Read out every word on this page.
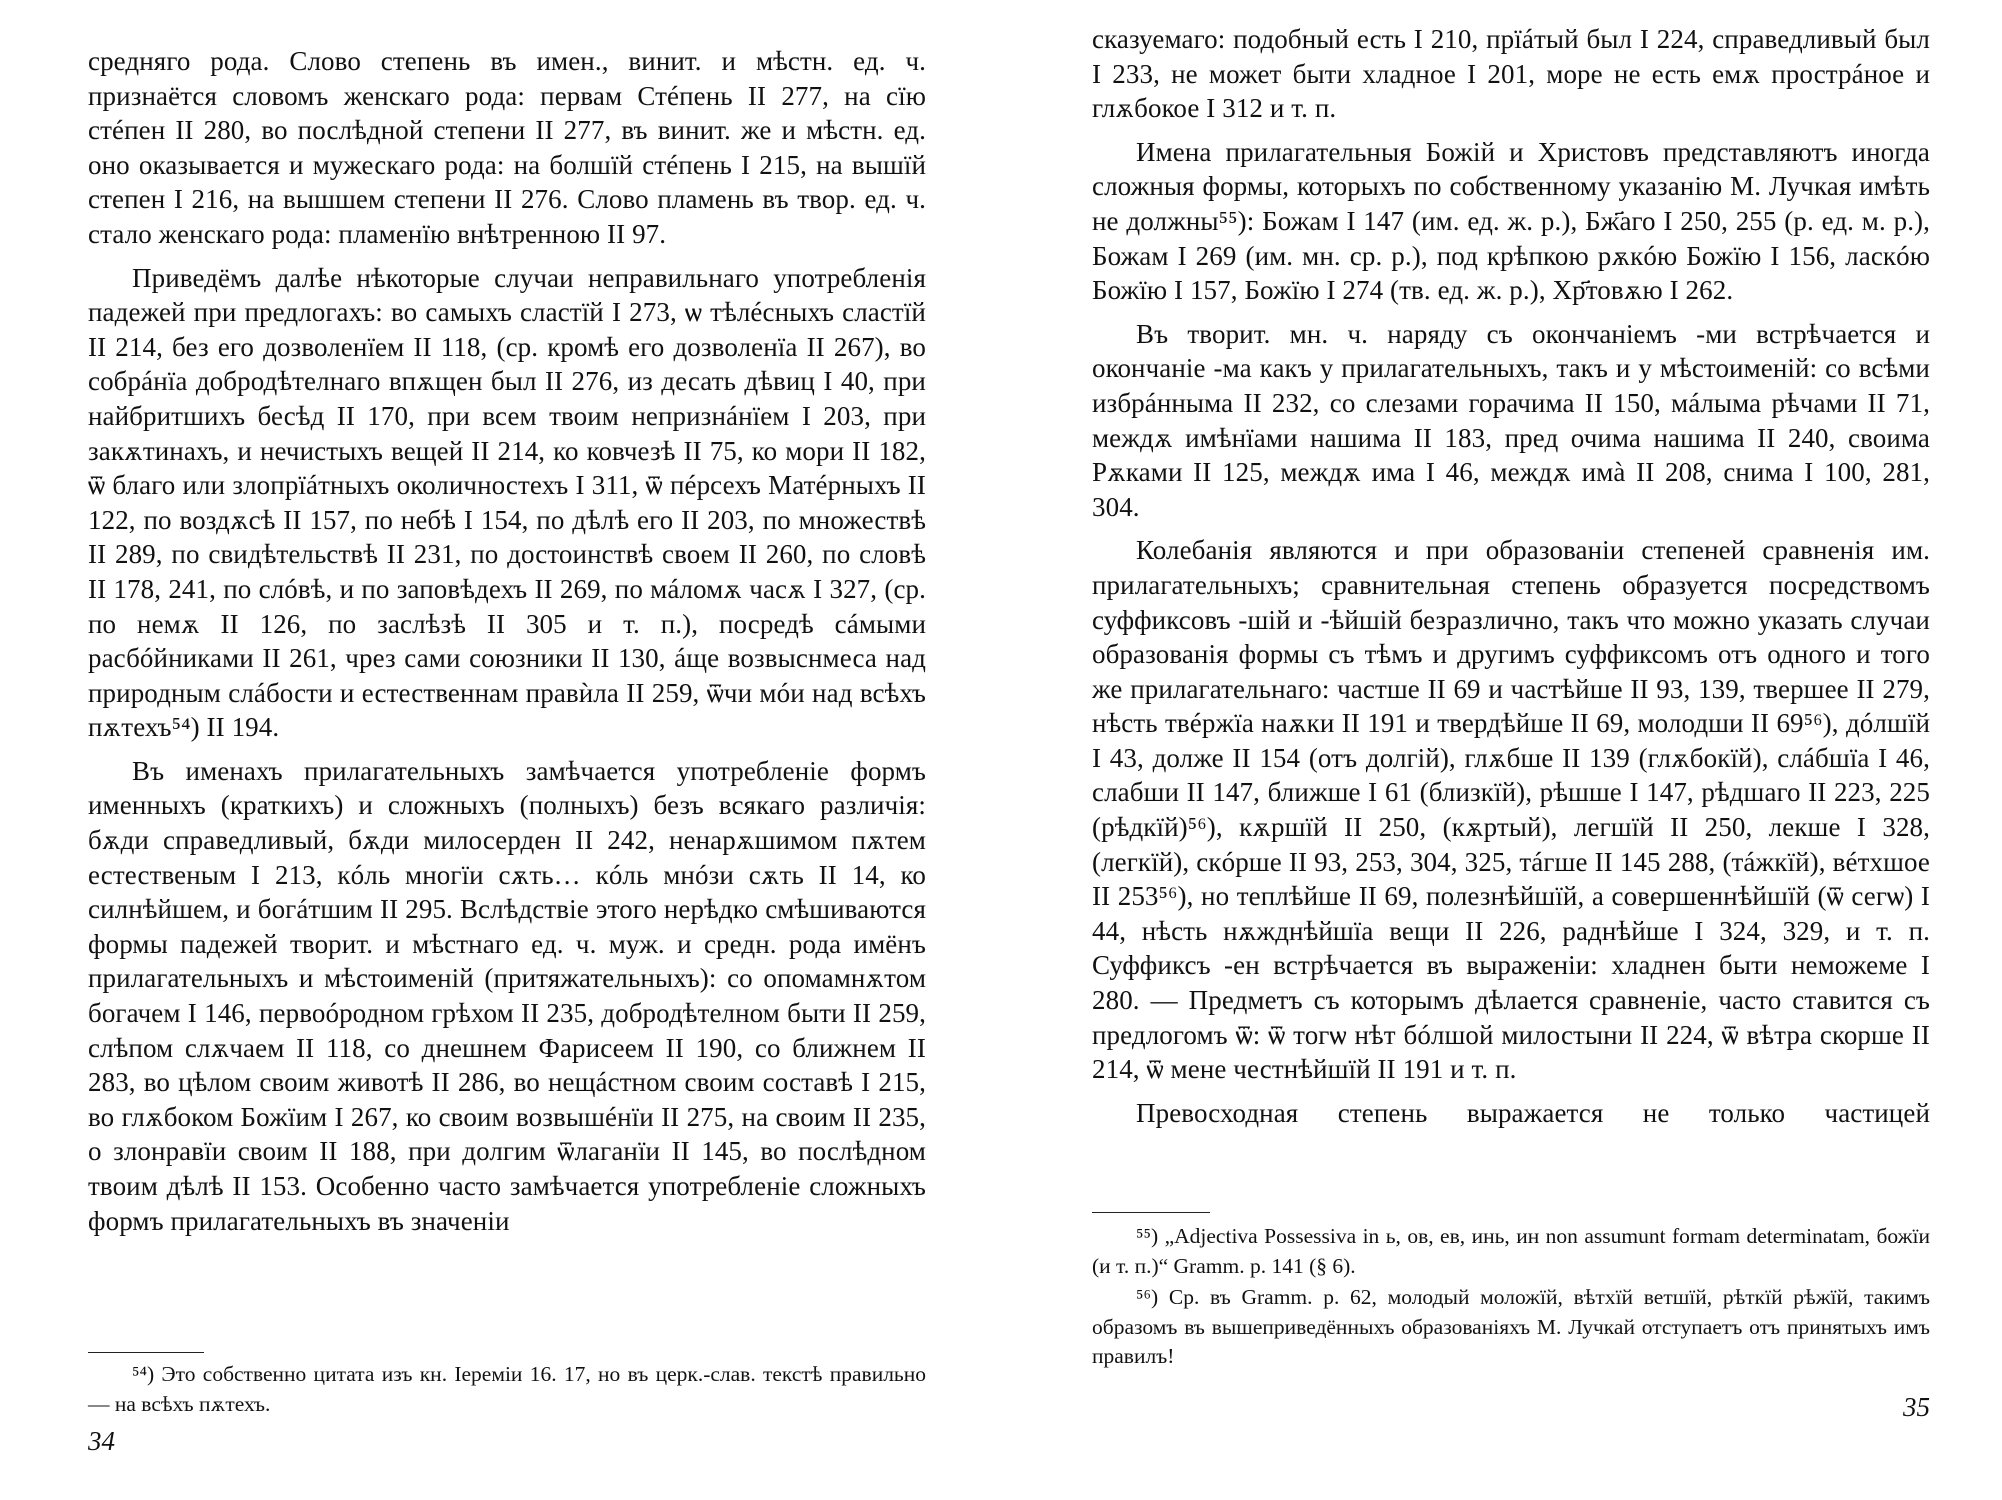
средняго рода. Слово степень въ имен., винит. и мѣстн. ед. ч. признаётся словомъ женскаго рода: первам Стéпень II 277, на сїю стéпен II 280, во послѣдной степени II 277, въ винит. же и мѣстн. ед. оно оказывается и мужескаго рода: на болшїй стéпень I 215, на вышїй степен I 216, на вышшем степени II 276. Слово пламень въ твор. ед. ч. стало женскаго рода: пламенїю внѣтренною II 97.

Приведёмъ далѣе нѣкоторые случаи неправильнаго употребленія падежей при предлогахъ: во самыхъ сластїй I 273, ѡ тѣлéсныхъ сластїй II 214, без его дозволенїем II 118, (ср. кромѣ его дозволенїа II 267), во собрáнїа добродѣтелнаго впѫщен был II 276, из десать дѣвиц I 40, при найбритшихъ бесѣд II 170, при всем твоим непризнáнїем I 203, при закѫтинахъ, и нечистыхъ вещей II 214, ко ковчезѣ II 75, ко мори II 182, ѿ благо или злопрїáтныхъ околичностехъ I 311, ѿ пéрсехъ Матéрныхъ II 122, по воздѫсѣ II 157, по небѣ I 154, по дѣлѣ его II 203, по множествѣ II 289, по свидѣтельствѣ II 231, по достоинствѣ своем II 260, по словѣ II 178, 241, по слóвѣ, и по заповѣдехъ II 269, по мáломѫ часѫ I 327, (ср. по немѫ II 126, по заслѣзѣ II 305 и т. п.), посредѣ сáмыми расбóйниками II 261, чрез сами союзники II 130, áще возвыснмеса над природным слáбости и естественнам правѝла II 259, ѿчи мóи над всѣхъ пѫтехъ⁵⁴) II 194.

Въ именахъ прилагательныхъ замѣчается употребленіе формъ именныхъ (краткихъ) и сложныхъ (полныхъ) безъ всякаго различія: бѫди справедливый, бѫди милосерден II 242, ненарѫшимом пѫтем естественым I 213, кóль многїи сѫть… кóль мнóзи сѫть II 14, ко силнѣйшем, и богáтшим II 295. Вслѣдствіе этого нерѣдко смѣшиваются формы падежей творит. и мѣстнаго ед. ч. муж. и средн. рода имёнъ прилагательныхъ и мѣстоименій (притяжательныхъ): со опомамнѫтом богачем I 146, первоóродном грѣхом II 235, добродѣтелном быти II 259, слѣпом слѫчаем II 118, со днешнем Фарисеем II 190, со ближнем II 283, во цѣлом своим животѣ II 286, во нещáстном своим составѣ I 215, во глѫбоком Божїим I 267, ко своим возвышéнїи II 275, на своим II 235, о злонравїи своим II 188, при долгим ѿлаганїи II 145, во послѣдном твоим дѣлѣ II 153. Особенно часто замѣчается употребленіе сложныхъ формъ прилагательныхъ въ значеніи

⁵⁴) Это собственно цитата изъ кн. Іереміи 16. 17, но въ церк.-слав. текстѣ правильно — на всѣхъ пѫтехъ.

34

сказуемаго: подобный есть I 210, прїáтый был I 224, справедливый был I 233, не может быти хладное I 201, море не есть емѫ прострáное и глѫбокое I 312 и т. п.

Имена прилагательныя Божій и Христовъ представляютъ иногда сложныя формы, которыхъ по собственному указанію М. Лучкая имѣть не должны⁵⁵): Божам I 147 (им. ед. ж. р.), Бж҃аго I 250, 255 (р. ед. м. р.), Божам I 269 (им. мн. ср. р.), под крѣпкою рѫкóю Божїю I 156, ласкóю Божїю I 157, Божїю I 274 (тв. ед. ж. р.), Хр҃товѫю I 262.

Въ творит. мн. ч. наряду съ окончанiемъ -ми встрѣчается и окончаніе -ма какъ у прилагательныхъ, такъ и у мѣстоименій: со всѣми избрáнныма II 232, со слезами горачима II 150, мáлыма рѣчами II 71, междѫ имѣнїами нашима II 183, пред очима нашима II 240, своима Рѫками II 125, междѫ има I 46, междѫ имà II 208, снима I 100, 281, 304.

Колебанія являются и при образованіи степеней сравненія им. прилагательныхъ; сравнительная степень образуется посредствомъ суффиксовъ -шій и -ѣйшій безразлично, такъ что можно указать случаи образованія формы съ тѣмъ и другимъ суффиксомъ отъ одного и того же прилагательнаго: частше II 69 и частѣйше II 93, 139, твершее II 279, нѣсть твéржїа наѫки II 191 и твердѣйше II 69, молодши II 69⁵⁶), дóлшїй I 43, долже II 154 (отъ долгій), глѫбше II 139 (глѫбокїй), слáбшїа I 46, слабши II 147, ближше I 61 (близкїй), рѣшше I 147, рѣдшаго II 223, 225 (рѣдкїй)⁵⁶), кѫршїй II 250, (кѫртый), легшїй II 250, лекше I 328, (легкїй), скóрше II 93, 253, 304, 325, тáгше II 145 288, (тáжкїй), вéтхшое II 253⁵⁶), но теплѣйше II 69, полезнѣйшїй, а совершеннѣйшїй (ѿ сегѡ) I 44, нѣсть нѫжднѣйшїа вещи II 226, раднѣйше I 324, 329, и т. п. Суффиксъ -ен встрѣчается въ выраженіи: хладнен быти неможеме I 280. — Предметъ съ которымъ дѣлается сравненіе, часто ставится съ предлогомъ ѿ: ѿ тогѡ нѣт бóлшой милостыни II 224, ѿ вѣтра скорше II 214, ѿ мене честнѣйшїй II 191 и т. п.

Превосходная степень выражается не только частицей

⁵⁵) „Adjectiva Possessiva in ь, ов, ев, инь, ин non assumunt formam determinatam, божїи (и т. п.)“ Gramm. p. 141 (§ 6).

⁵⁶) Ср. въ Gramm. p. 62, молодый моложїй, вѣтхїй ветшїй, рѣткїй рѣжїй, такимъ образомъ въ вышеприведённыхъ образованіяхъ М. Лучкай отступаетъ отъ принятыхъ имъ правилъ!

35
